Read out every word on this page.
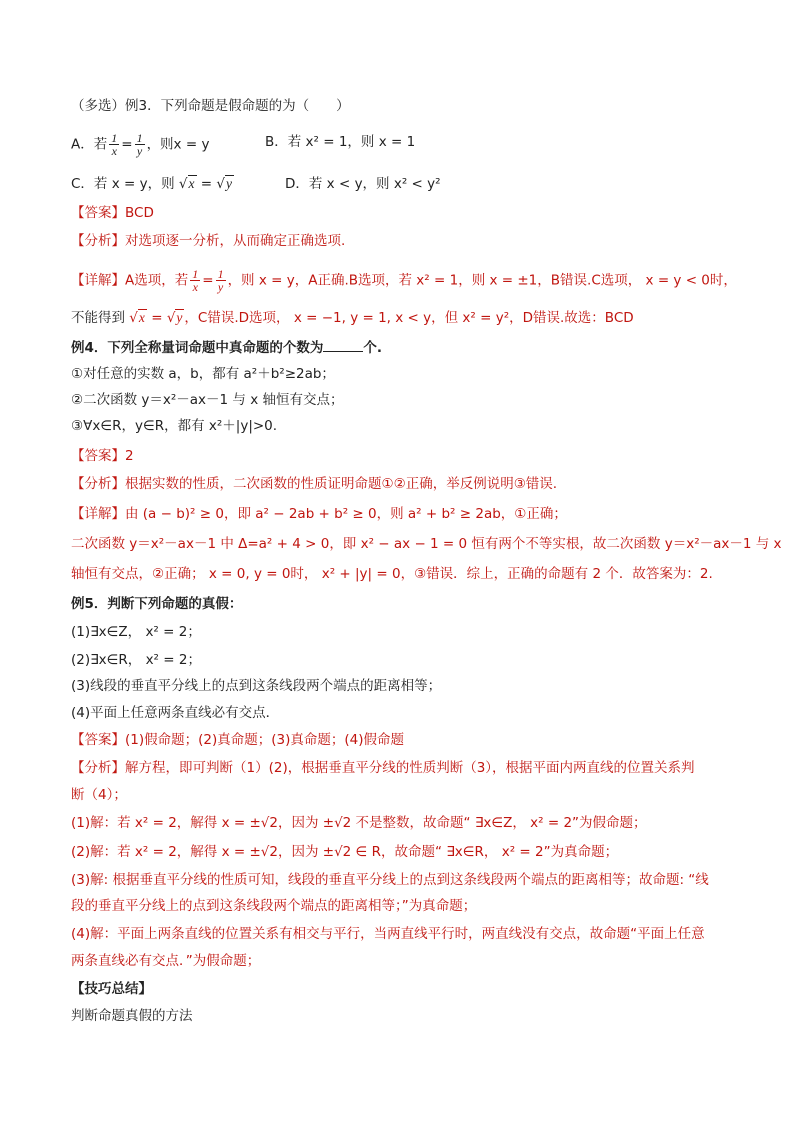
（多选）例3．下列命题是假命题的为（　　）
A．若 $\frac{1}{x} = \frac{1}{y}$ ，则x = y	B．若 x² = 1，则 x = 1
C．若 x = y，则 √x = √y	D．若 x < y，则 x² < y²
【答案】BCD
【分析】对选项逐一分析，从而确定正确选项.
【详解】A选项，若 $\frac{1}{x} = \frac{1}{y}$ ，则 x = y，A正确.B选项，若 x² = 1，则 x = ±1，B错误.C选项， x = y < 0时，
不能得到 √x = √y ，C错误.D选项， x = −1, y = 1, x < y，但 x² = y²，D错误.故选：BCD
例4．下列全称量词命题中真命题的个数为	个.
①对任意的实数 a，b，都有 a²＋b²≥2ab；
②二次函数 y＝x²－ax－1 与 x 轴恒有交点；
③∀x∈R，y∈R，都有 x²＋|y|>0.
【答案】2
【分析】根据实数的性质，二次函数的性质证明命题①②正确，举反例说明③错误.
【详解】由 (a − b)² ≥ 0，即 a² − 2ab + b² ≥ 0，则 a² + b² ≥ 2ab，①正确；
二次函数 y＝x²－ax－1 中 Δ=a² + 4 > 0，即 x² − ax − 1 = 0 恒有两个不等实根，故二次函数 y＝x²－ax－1 与 x
轴恒有交点，②正确； x = 0, y = 0时， x² + |y| = 0，③错误．综上，正确的命题有 2 个．故答案为：2.
例5．判断下列命题的真假：
(1)∃x∈Z， x² = 2；
(2)∃x∈R， x² = 2；
(3)线段的垂直平分线上的点到这条线段两个端点的距离相等；
(4)平面上任意两条直线必有交点．
【答案】(1)假命题；(2)真命题；(3)真命题；(4)假命题
【分析】解方程，即可判断（1）(2)，根据垂直平分线的性质判断（3），根据平面内两直线的位置关系判
断（4）；
(1)解：若 x² = 2，解得 x = ±√2，因为 ±√2 不是整数，故命题“ ∃x∈Z， x² = 2”为假命题；
(2)解：若 x² = 2，解得 x = ±√2，因为 ±√2 ∈ R，故命题“ ∃x∈R， x² = 2”为真命题；
(3)解: 根据垂直平分线的性质可知，线段的垂直平分线上的点到这条线段两个端点的距离相等；故命题: “线
段的垂直平分线上的点到这条线段两个端点的距离相等；”为真命题；
(4)解：平面上两条直线的位置关系有相交与平行，当两直线平行时，两直线没有交点，故命题“平面上任意
两条直线必有交点．”为假命题；
【技巧总结】
判断命题真假的方法
